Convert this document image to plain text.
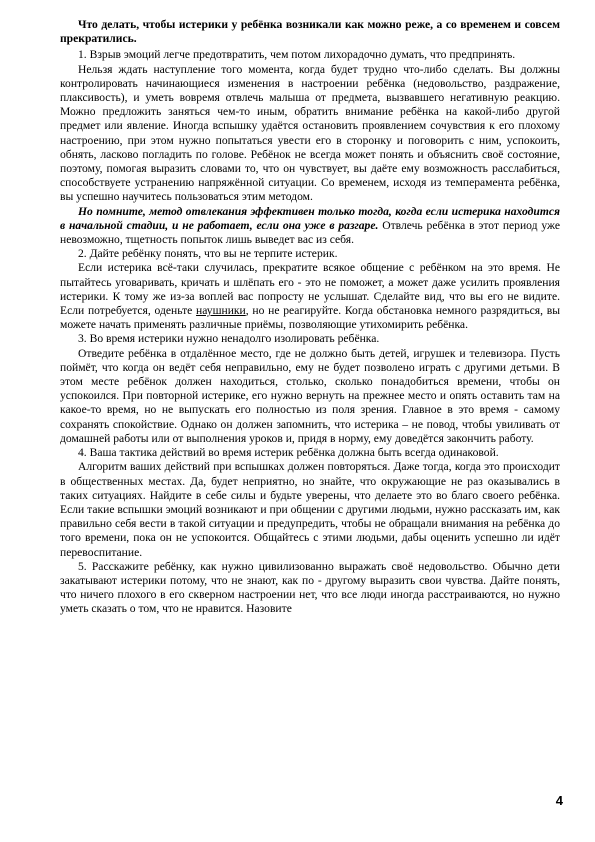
Что делать, чтобы истерики у ребёнка возникали как можно реже, а со временем и совсем прекратились.

1. Взрыв эмоций легче предотвратить, чем потом лихорадочно думать, что предпринять.

Нельзя ждать наступление того момента, когда будет трудно что-либо сделать. Вы должны контролировать начинающиеся изменения в настроении ребёнка (недовольство, раздражение, плаксивость), и уметь вовремя отвлечь малыша от предмета, вызвавшего негативную реакцию. Можно предложить заняться чем-то иным, обратить внимание ребёнка на какой-либо другой предмет или явление. Иногда вспышку удаётся остановить проявлением сочувствия к его плохому настроению, при этом нужно попытаться увести его в сторонку и поговорить с ним, успокоить, обнять, ласково погладить по голове. Ребёнок не всегда может понять и объяснить своё состояние, поэтому, помогая выразить словами то, что он чувствует, вы даёте ему возможность расслабиться, способствуете устранению напряжённой ситуации. Со временем, исходя из темперамента ребёнка, вы успешно научитесь пользоваться этим методом.

Но помните, метод отвлекания эффективен только тогда, когда если истерика находится в начальной стадии, и не работает, если она уже в разгаре. Отвлечь ребёнка в этот период уже невозможно, тщетность попыток лишь выведет вас из себя.

2. Дайте ребёнку понять, что вы не терпите истерик.

Если истерика всё-таки случилась, прекратите всякое общение с ребёнком на это время. Не пытайтесь уговаривать, кричать и шлёпать его - это не поможет, а может даже усилить проявления истерики. К тому же из-за воплей вас попросту не услышат. Сделайте вид, что вы его не видите. Если потребуется, оденьте наушники, но не реагируйте. Когда обстановка немного разрядиться, вы можете начать применять различные приёмы, позволяющие утихомирить ребёнка.

3. Во время истерики нужно ненадолго изолировать ребёнка.

Отведите ребёнка в отдалённое место, где не должно быть детей, игрушек и телевизора. Пусть поймёт, что когда он ведёт себя неправильно, ему не будет позволено играть с другими детьми. В этом месте ребёнок должен находиться, столько, сколько понадобиться времени, чтобы он успокоился. При повторной истерике, его нужно вернуть на прежнее место и опять оставить там на какое-то время, но не выпускать его полностью из поля зрения. Главное в это время - самому сохранять спокойствие. Однако он должен запомнить, что истерика – не повод, чтобы увиливать от домашней работы или от выполнения уроков и, придя в норму, ему доведётся закончить работу.

4. Ваша тактика действий во время истерик ребёнка должна быть всегда одинаковой.

Алгоритм ваших действий при вспышках должен повторяться. Даже тогда, когда это происходит в общественных местах. Да, будет неприятно, но знайте, что окружающие не раз оказывались в таких ситуациях. Найдите в себе силы и будьте уверены, что делаете это во благо своего ребёнка. Если такие вспышки эмоций возникают и при общении с другими людьми, нужно рассказать им, как правильно себя вести в такой ситуации и предупредить, чтобы не обращали внимания на ребёнка до того времени, пока он не успокоится. Общайтесь с этими людьми, дабы оценить успешно ли идёт перевоспитание.

5. Расскажите ребёнку, как нужно цивилизованно выражать своё недовольство. Обычно дети закатывают истерики потому, что не знают, как по - другому выразить свои чувства. Дайте понять, что ничего плохого в его скверном настроении нет, что все люди иногда расстраиваются, но нужно уметь сказать о том, что не нравится. Назовите

4
